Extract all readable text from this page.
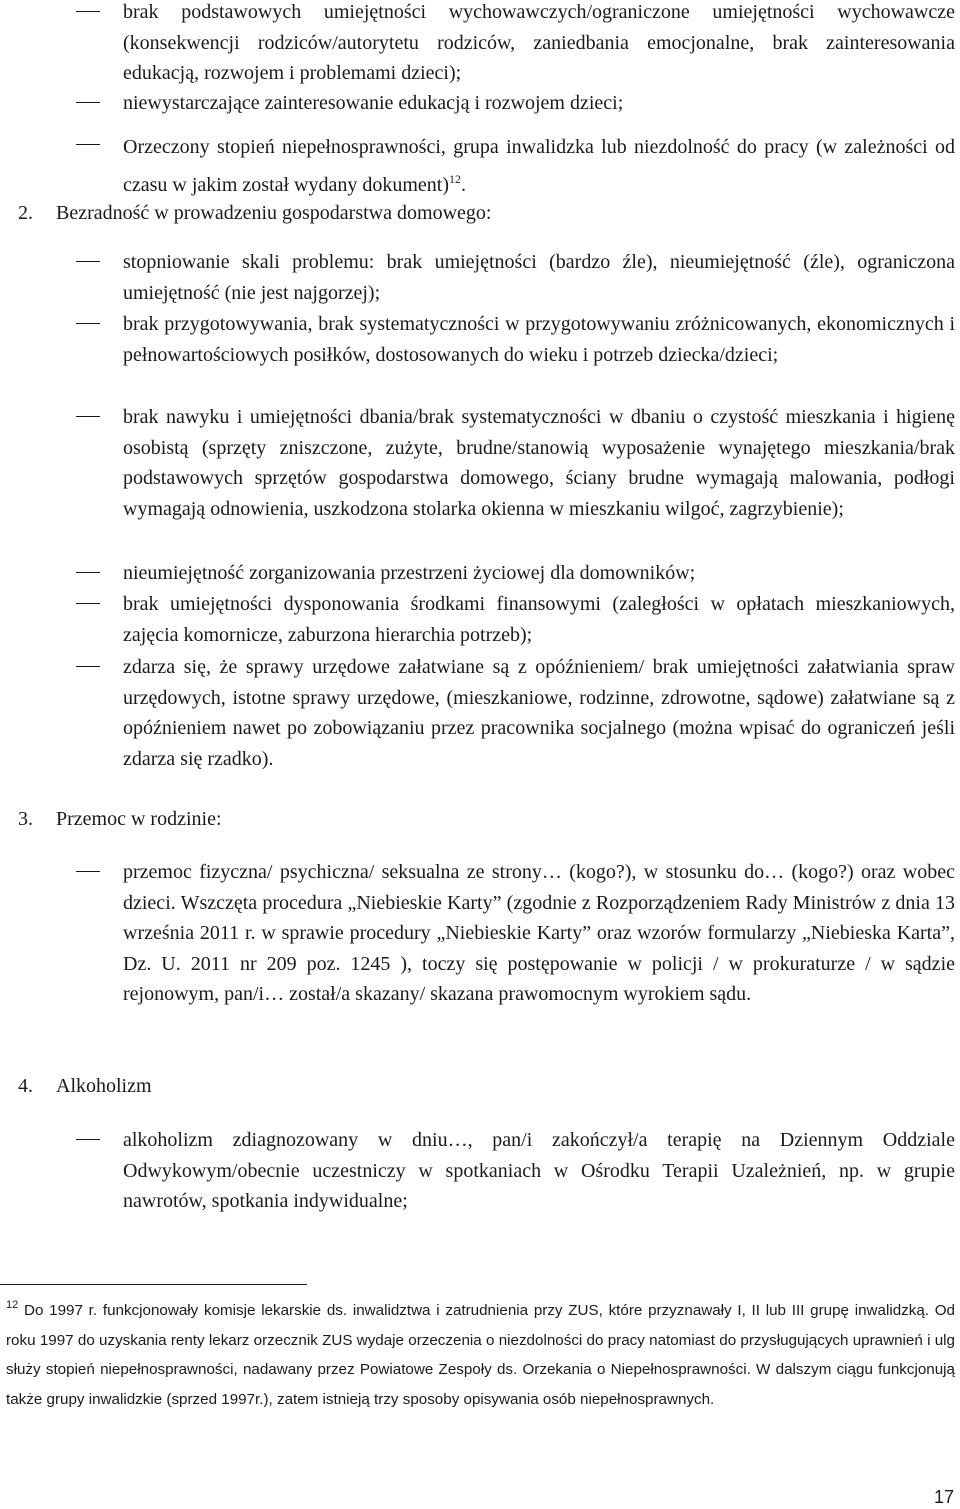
brak podstawowych umiejętności wychowawczych/ograniczone umiejętności wychowawcze (konsekwencji rodziców/autorytetu rodziców, zaniedbania emocjonalne, brak zainteresowania edukacją, rozwojem i problemami dzieci);
niewystarczające zainteresowanie edukacją i rozwojem dzieci;
Orzeczony stopień niepełnosprawności, grupa inwalidzka lub niezdolność do pracy (w zależności od czasu w jakim został wydany dokument)$^{12}$.
2. Bezradność w prowadzeniu gospodarstwa domowego:
stopniowanie skali problemu: brak umiejętności (bardzo źle), nieumiejętność (źle), ograniczona umiejętność (nie jest najgorzej);
brak przygotowywania, brak systematyczności w przygotowywaniu zróżnicowanych, ekonomicznych i pełnowartościowych posiłków, dostosowanych do wieku i potrzeb dziecka/dzieci;
brak nawyku i umiejętności dbania/brak systematyczności w dbaniu o czystość mieszkania i higienę osobistą (sprzęty zniszczone, zużyte, brudne/stanowią wyposażenie wynajętego mieszkania/brak podstawowych sprzętów gospodarstwa domowego, ściany brudne wymagają malowania, podłogi wymagają odnowienia, uszkodzona stolarka okienna w mieszkaniu wilgoć, zagrzybienie);
nieumiejętność zorganizowania przestrzeni życiowej dla domowników;
brak umiejętności dysponowania środkami finansowymi (zaległości w opłatach mieszkaniowych, zajęcia komornicze, zaburzona hierarchia potrzeb);
zdarza się, że sprawy urzędowe załatwiane są z opóźnieniem/ brak umiejętności załatwiania spraw urzędowych, istotne sprawy urzędowe, (mieszkaniowe, rodzinne, zdrowotne, sądowe) załatwiane są z opóźnieniem nawet po zobowiązaniu przez pracownika socjalnego (można wpisać do ograniczeń jeśli zdarza się rzadko).
3. Przemoc w rodzinie:
przemoc fizyczna/ psychiczna/ seksualna ze strony… (kogo?), w stosunku do… (kogo?) oraz wobec dzieci. Wszczęta procedura „Niebieskie Karty” (zgodnie z Rozporządzeniem Rady Ministrów z dnia 13 września 2011 r. w sprawie procedury „Niebieskie Karty” oraz wzorów formularzy „Niebieska Karta”, Dz. U. 2011 nr 209 poz. 1245 ), toczy się postępowanie w policji / w prokuraturze / w sądzie rejonowym, pan/i… został/a skazany/ skazana prawomocnym wyrokiem sądu.
4. Alkoholizm
alkoholizm zdiagnozowany w dniu…, pan/i zakończył/a terapię na Dziennym Oddziale Odwykowym/obecnie uczestniczy w spotkaniach w Ośrodku Terapii Uzależnień, np. w grupie nawrotów, spotkania indywidualne;
$^{12}$ Do 1997 r. funkcjonowały komisje lekarskie ds. inwalidztwa i zatrudnienia przy ZUS, które przyznawały I, II lub III grupę inwalidzką. Od roku 1997 do uzyskania renty lekarz orzecznik ZUS wydaje orzeczenia o niezdolności do pracy natomiast do przysługujących uprawnień i ulg służy stopień niepełnosprawności, nadawany przez Powiatowe Zespoły ds. Orzekania o Niepełnosprawności. W dalszym ciągu funkcjonują także grupy inwalidzkie (sprzed 1997r.), zatem istnieją trzy sposoby opisywania osób niepełnosprawnych.
17
